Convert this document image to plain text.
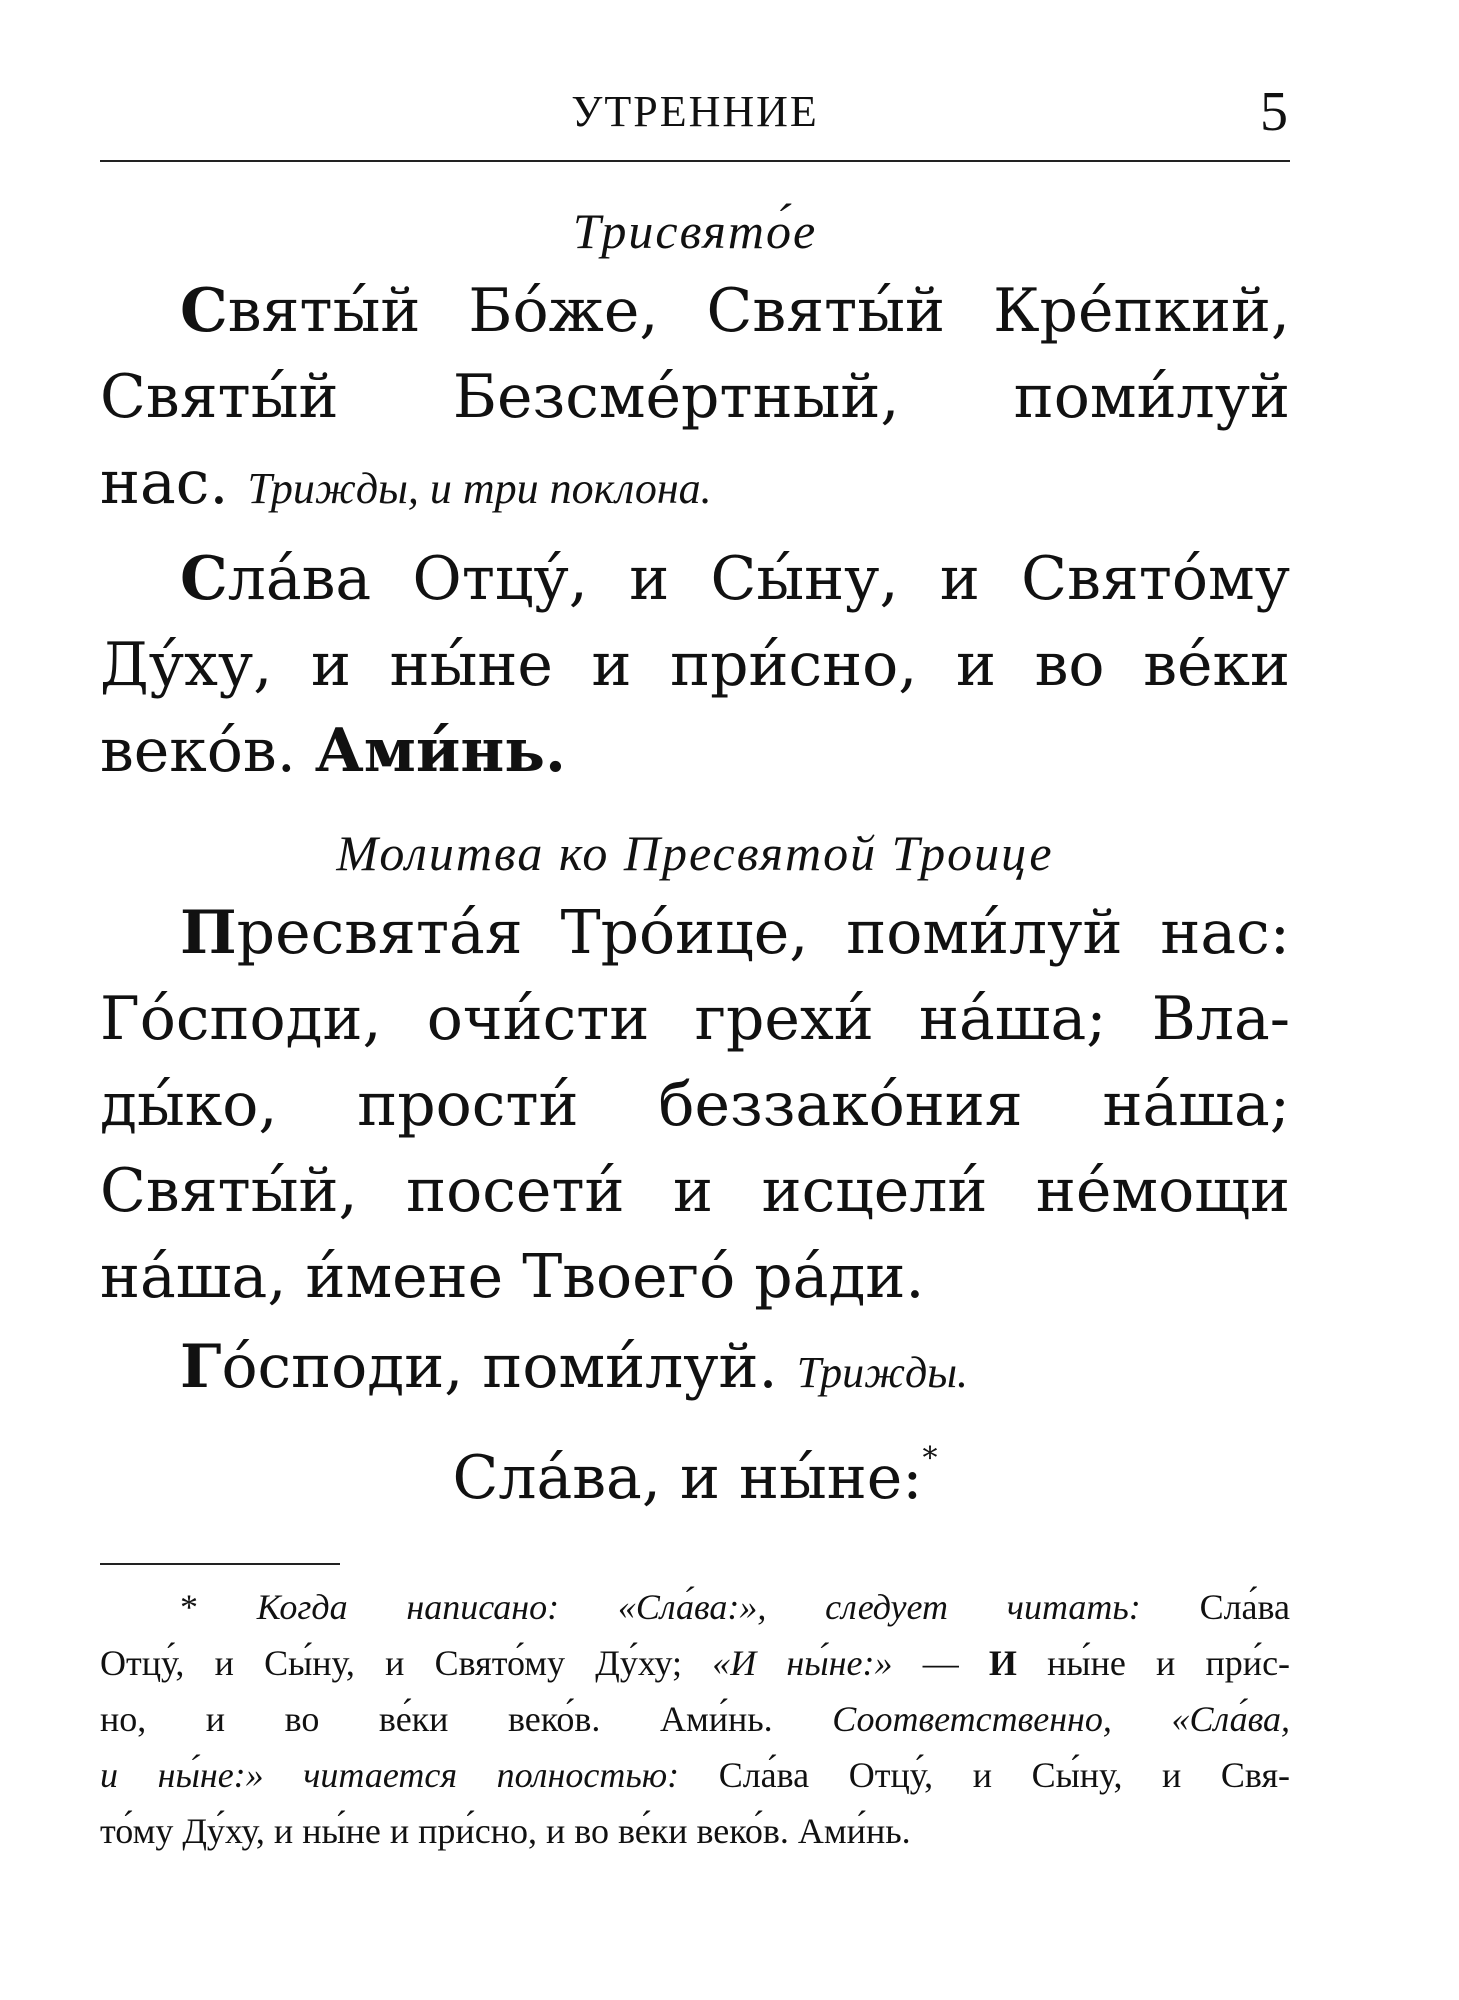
УТРЕННИЕ	5

Трисвято́е

Святы́й Бо́же, Святы́й Кре́пкий,

Святы́й Безсме́ртный, поми́луй

нас. Трижды, и три поклона.

Сла́ва Отцу́, и Сы́ну, и Свято́му

Ду́ху, и ны́не и при́сно, и во ве́ки

веко́в. Ами́нь.

Молитва ко Пресвятой Троице

Пресвята́я Тро́ице, поми́луй нас:

Го́споди, очи́сти грехи́ на́ша; Вла-

ды́ко, прости́ беззако́ния на́ша;

Святы́й, посети́ и исцели́ не́мощи

на́ша, и́мене Твоего́ ра́ди.

Го́споди, поми́луй. Трижды.

Сла́ва, и ны́не:*

* Когда написано: «Сла́ва:», следует читать: Сла́ва
Отцу́, и Сы́ну, и Свято́му Ду́ху; «И ны́не:» — И ны́не и при́с-
но, и во ве́ки веко́в. Ами́нь. Соответственно, «Сла́ва,
и ны́не:» читается полностью: Сла́ва Отцу́, и Сы́ну, и Свя-
то́му Ду́ху, и ны́не и при́сно, и во ве́ки веко́в. Ами́нь.
